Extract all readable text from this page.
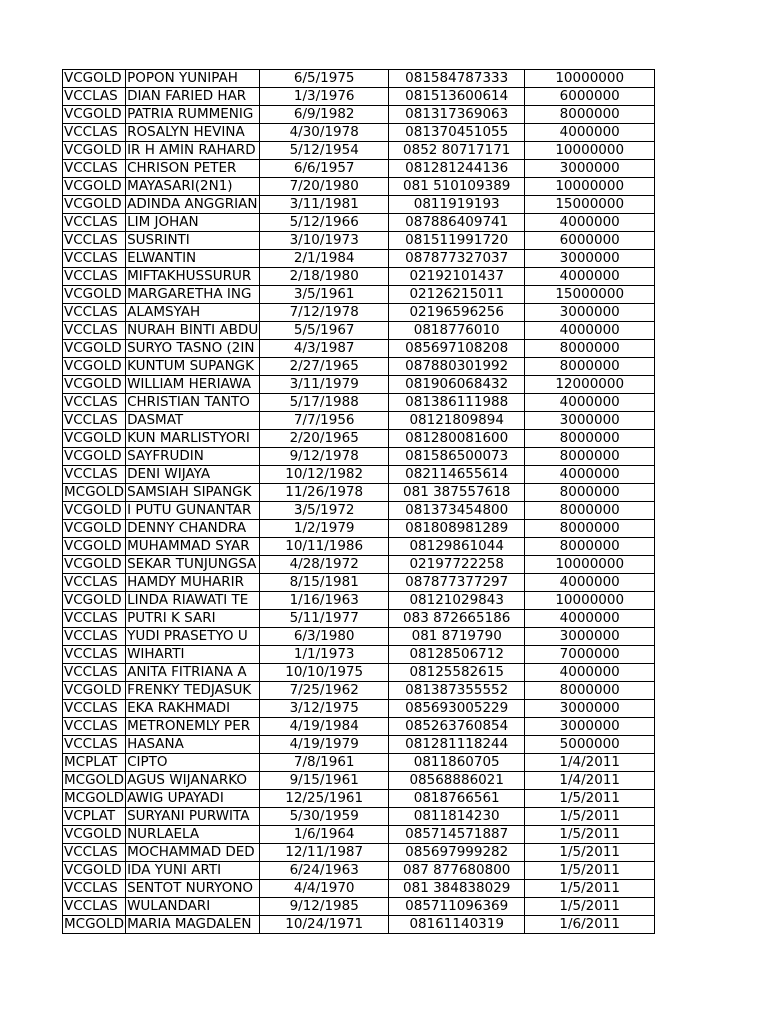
VCGOLD	POPON YUNIPAH	6/5/1975	081584787333	10000000
VCCLAS	DIAN FARIED HAR	1/3/1976	081513600614	6000000
VCGOLD	PATRIA RUMMENIG	6/9/1982	081317369063	8000000
VCCLAS	ROSALYN HEVINA	4/30/1978	081370451055	4000000
VCGOLD	IR H AMIN RAHARD	5/12/1954	0852 80717171	10000000
VCCLAS	CHRISON PETER	6/6/1957	081281244136	3000000
VCGOLD	MAYASARI(2N1)	7/20/1980	081 510109389	10000000
VCGOLD	ADINDA ANGGRIAN	3/11/1981	0811919193	15000000
VCCLAS	LIM JOHAN	5/12/1966	087886409741	4000000
VCCLAS	SUSRINTI	3/10/1973	081511991720	6000000
VCCLAS	ELWANTIN	2/1/1984	087877327037	3000000
VCCLAS	MIFTAKHUSSURUR	2/18/1980	02192101437	4000000
VCGOLD	MARGARETHA ING	3/5/1961	02126215011	15000000
VCCLAS	ALAMSYAH	7/12/1978	02196596256	3000000
VCCLAS	NURAH BINTI ABDU	5/5/1967	0818776010	4000000
VCGOLD	SURYO TASNO (2IN	4/3/1987	085697108208	8000000
VCGOLD	KUNTUM SUPANGK	2/27/1965	087880301992	8000000
VCGOLD	WILLIAM HERIAWA	3/11/1979	081906068432	12000000
VCCLAS	CHRISTIAN TANTO	5/17/1988	081386111988	4000000
VCCLAS	DASMAT	7/7/1956	08121809894	3000000
VCGOLD	KUN MARLISTYORI	2/20/1965	081280081600	8000000
VCGOLD	SAYFRUDIN	9/12/1978	081586500073	8000000
VCCLAS	DENI WIJAYA	10/12/1982	082114655614	4000000
MCGOLD	SAMSIAH SIPANGK	11/26/1978	081 387557618	8000000
VCGOLD	I PUTU GUNANTAR	3/5/1972	081373454800	8000000
VCGOLD	DENNY CHANDRA	1/2/1979	081808981289	8000000
VCGOLD	MUHAMMAD SYAR	10/11/1986	08129861044	8000000
VCGOLD	SEKAR TUNJUNGSA	4/28/1972	02197722258	10000000
VCCLAS	HAMDY MUHARIR	8/15/1981	087877377297	4000000
VCGOLD	LINDA RIAWATI TE	1/16/1963	08121029843	10000000
VCCLAS	PUTRI K SARI	5/11/1977	083 872665186	4000000
VCCLAS	YUDI PRASETYO U	6/3/1980	081 8719790	3000000
VCCLAS	WIHARTI	1/1/1973	08128506712	7000000
VCCLAS	ANITA FITRIANA A	10/10/1975	08125582615	4000000
VCGOLD	FRENKY TEDJASUK	7/25/1962	081387355552	8000000
VCCLAS	EKA RAKHMADI	3/12/1975	085693005229	3000000
VCCLAS	METRONEMLY PER	4/19/1984	085263760854	3000000
VCCLAS	HASANA	4/19/1979	081281118244	5000000
MCPLAT	CIPTO	7/8/1961	0811860705	1/4/2011
MCGOLD	AGUS WIJANARKO	9/15/1961	08568886021	1/4/2011
MCGOLD	AWIG UPAYADI	12/25/1961	0818766561	1/5/2011
VCPLAT	SURYANI PURWITA	5/30/1959	0811814230	1/5/2011
VCGOLD	NURLAELA	1/6/1964	085714571887	1/5/2011
VCCLAS	MOCHAMMAD DED	12/11/1987	085697999282	1/5/2011
VCGOLD	IDA YUNI ARTI	6/24/1963	087 877680800	1/5/2011
VCCLAS	SENTOT NURYONO	4/4/1970	081 384838029	1/5/2011
VCCLAS	WULANDARI	9/12/1985	085711096369	1/5/2011
MCGOLD	MARIA MAGDALEN	10/24/1971	08161140319	1/6/2011
